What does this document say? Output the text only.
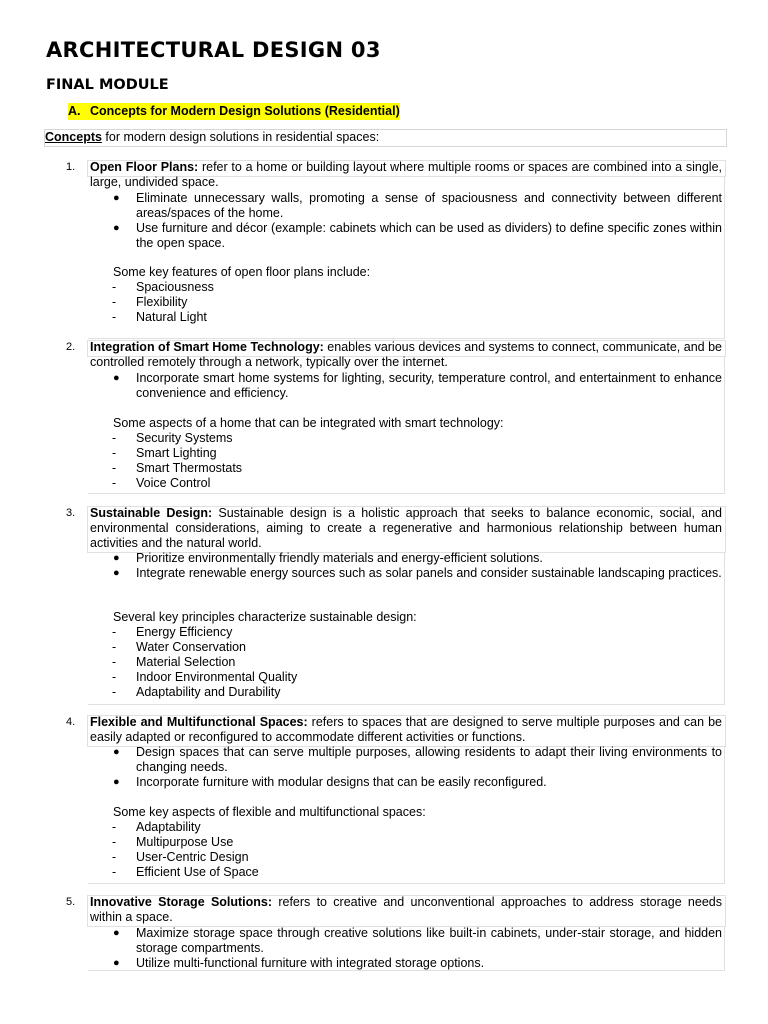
ARCHITECTURAL DESIGN 03
FINAL MODULE
A. Concepts for Modern Design Solutions (Residential)
Concepts for modern design solutions in residential spaces:
1.	Open Floor Plans: refer to a home or building layout where multiple rooms or spaces are combined into a single, large, undivided space.
● Eliminate unnecessary walls, promoting a sense of spaciousness and connectivity between different areas/spaces of the home.
● Use furniture and décor (example: cabinets which can be used as dividers) to define specific zones within the open space.
Some key features of open floor plans include:
- Spaciousness
- Flexibility
- Natural Light
2.	Integration of Smart Home Technology: enables various devices and systems to connect, communicate, and be controlled remotely through a network, typically over the internet.
● Incorporate smart home systems for lighting, security, temperature control, and entertainment to enhance convenience and efficiency.
Some aspects of a home that can be integrated with smart technology:
- Security Systems
- Smart Lighting
- Smart Thermostats
- Voice Control
3.	Sustainable Design: Sustainable design is a holistic approach that seeks to balance economic, social, and environmental considerations, aiming to create a regenerative and harmonious relationship between human activities and the natural world.
● Prioritize environmentally friendly materials and energy-efficient solutions.
● Integrate renewable energy sources such as solar panels and consider sustainable landscaping practices.
Several key principles characterize sustainable design:
- Energy Efficiency
- Water Conservation
- Material Selection
- Indoor Environmental Quality
- Adaptability and Durability
4.	Flexible and Multifunctional Spaces: refers to spaces that are designed to serve multiple purposes and can be easily adapted or reconfigured to accommodate different activities or functions.
● Design spaces that can serve multiple purposes, allowing residents to adapt their living environments to changing needs.
● Incorporate furniture with modular designs that can be easily reconfigured.
Some key aspects of flexible and multifunctional spaces:
- Adaptability
- Multipurpose Use
- User-Centric Design
- Efficient Use of Space
5.	Innovative Storage Solutions: refers to creative and unconventional approaches to address storage needs within a space.
● Maximize storage space through creative solutions like built-in cabinets, under-stair storage, and hidden storage compartments.
● Utilize multi-functional furniture with integrated storage options.
